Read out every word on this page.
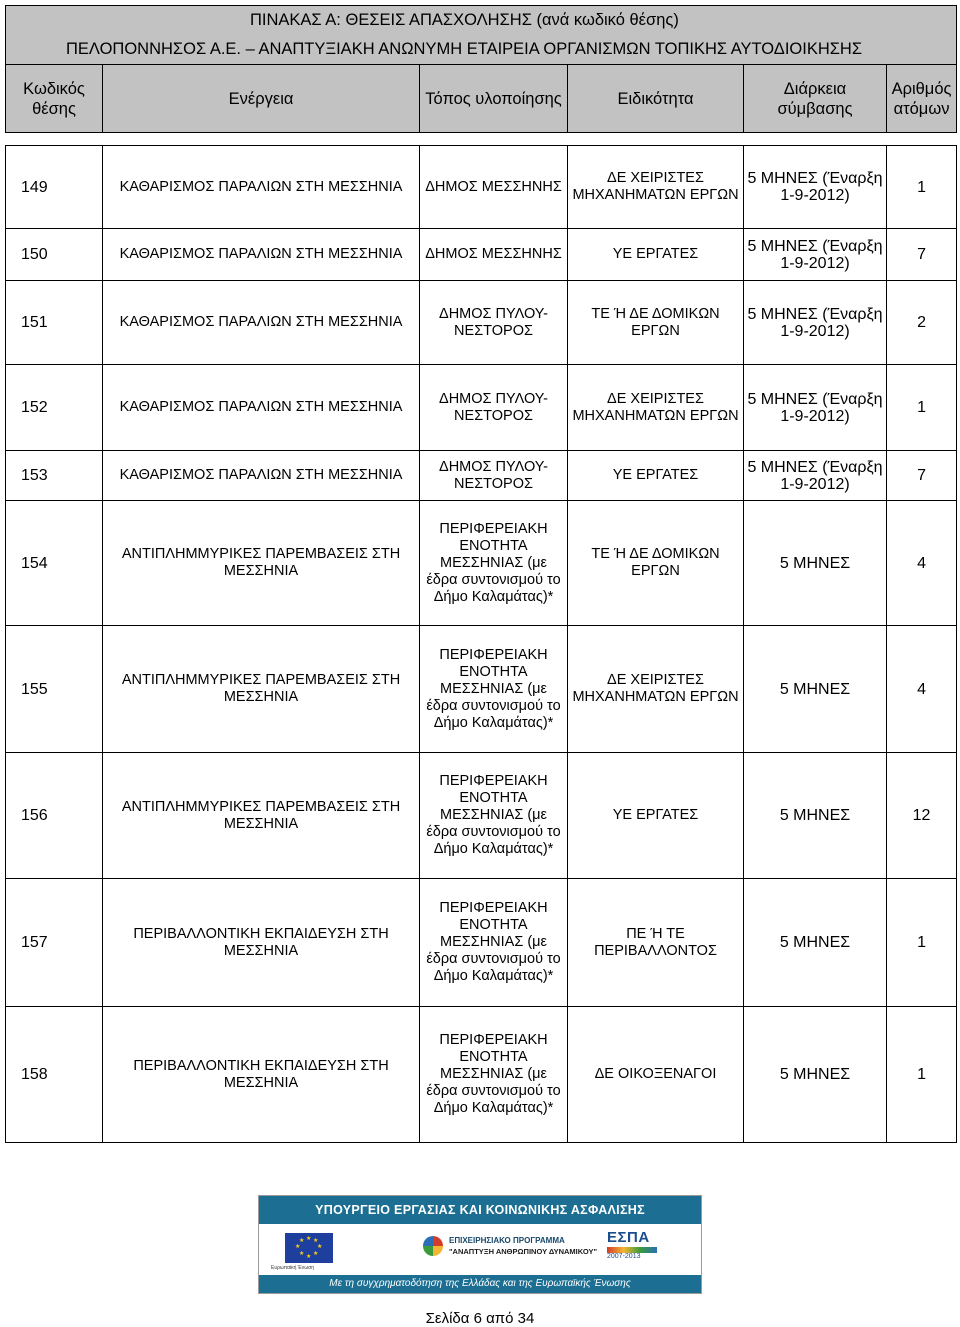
ΠΙΝΑΚΑΣ Α: ΘΕΣΕΙΣ ΑΠΑΣΧΟΛΗΣΗΣ (ανά κωδικό θέσης)					
ΠΕΛΟΠΟΝΝΗΣΟΣ Α.Ε. – ΑΝΑΠΤΥΞΙΑΚΗ ΑΝΩΝΥΜΗ ΕΤΑΙΡΕΙΑ ΟΡΓΑΝΙΣΜΩΝ ΤΟΠΙΚΗΣ ΑΥΤΟΔΙΟΙΚΗΣΗΣ					
Κωδικός θέσης	Ενέργεια	Τόπος υλοποίησης	Ειδικότητα	Διάρκεια σύμβασης	Αριθμός ατόμων

149	ΚΑΘΑΡΙΣΜΟΣ ΠΑΡΑΛΙΩΝ ΣΤΗ ΜΕΣΣΗΝΙΑ	ΔΗΜΟΣ ΜΕΣΣΗΝΗΣ	ΔΕ ΧΕΙΡΙΣΤΕΣ ΜΗΧΑΝΗΜΑΤΩΝ ΕΡΓΩΝ	5 ΜΗΝΕΣ (Έναρξη 1-9-2012)	1
150	ΚΑΘΑΡΙΣΜΟΣ ΠΑΡΑΛΙΩΝ ΣΤΗ ΜΕΣΣΗΝΙΑ	ΔΗΜΟΣ ΜΕΣΣΗΝΗΣ	ΥΕ ΕΡΓΑΤΕΣ	5 ΜΗΝΕΣ (Έναρξη 1-9-2012)	7
151	ΚΑΘΑΡΙΣΜΟΣ ΠΑΡΑΛΙΩΝ ΣΤΗ ΜΕΣΣΗΝΙΑ	ΔΗΜΟΣ ΠΥΛΟΥ-ΝΕΣΤΟΡΟΣ	ΤΕ Ή ΔΕ ΔΟΜΙΚΩΝ ΕΡΓΩΝ	5 ΜΗΝΕΣ (Έναρξη 1-9-2012)	2
152	ΚΑΘΑΡΙΣΜΟΣ ΠΑΡΑΛΙΩΝ ΣΤΗ ΜΕΣΣΗΝΙΑ	ΔΗΜΟΣ ΠΥΛΟΥ-ΝΕΣΤΟΡΟΣ	ΔΕ ΧΕΙΡΙΣΤΕΣ ΜΗΧΑΝΗΜΑΤΩΝ ΕΡΓΩΝ	5 ΜΗΝΕΣ (Έναρξη 1-9-2012)	1
153	ΚΑΘΑΡΙΣΜΟΣ ΠΑΡΑΛΙΩΝ ΣΤΗ ΜΕΣΣΗΝΙΑ	ΔΗΜΟΣ ΠΥΛΟΥ-ΝΕΣΤΟΡΟΣ	ΥΕ ΕΡΓΑΤΕΣ	5 ΜΗΝΕΣ (Έναρξη 1-9-2012)	7
154	ΑΝΤΙΠΛΗΜΜΥΡΙΚΕΣ ΠΑΡΕΜΒΑΣΕΙΣ ΣΤΗ ΜΕΣΣΗΝΙΑ	ΠΕΡΙΦΕΡΕΙΑΚΗ ΕΝΟΤΗΤΑ ΜΕΣΣΗΝΙΑΣ (με έδρα συντονισμού το Δήμο Καλαμάτας)*	ΤΕ Ή ΔΕ ΔΟΜΙΚΩΝ ΕΡΓΩΝ	5 ΜΗΝΕΣ	4
155	ΑΝΤΙΠΛΗΜΜΥΡΙΚΕΣ ΠΑΡΕΜΒΑΣΕΙΣ ΣΤΗ ΜΕΣΣΗΝΙΑ	ΠΕΡΙΦΕΡΕΙΑΚΗ ΕΝΟΤΗΤΑ ΜΕΣΣΗΝΙΑΣ (με έδρα συντονισμού το Δήμο Καλαμάτας)*	ΔΕ ΧΕΙΡΙΣΤΕΣ ΜΗΧΑΝΗΜΑΤΩΝ ΕΡΓΩΝ	5 ΜΗΝΕΣ	4
156	ΑΝΤΙΠΛΗΜΜΥΡΙΚΕΣ ΠΑΡΕΜΒΑΣΕΙΣ ΣΤΗ ΜΕΣΣΗΝΙΑ	ΠΕΡΙΦΕΡΕΙΑΚΗ ΕΝΟΤΗΤΑ ΜΕΣΣΗΝΙΑΣ (με έδρα συντονισμού το Δήμο Καλαμάτας)*	ΥΕ ΕΡΓΑΤΕΣ	5 ΜΗΝΕΣ	12
157	ΠΕΡΙΒΑΛΛΟΝΤΙΚΗ ΕΚΠΑΙΔΕΥΣΗ ΣΤΗ ΜΕΣΣΗΝΙΑ	ΠΕΡΙΦΕΡΕΙΑΚΗ ΕΝΟΤΗΤΑ ΜΕΣΣΗΝΙΑΣ (με έδρα συντονισμού το Δήμο Καλαμάτας)*	ΠΕ Ή ΤΕ ΠΕΡΙΒΑΛΛΟΝΤΟΣ	5 ΜΗΝΕΣ	1
158	ΠΕΡΙΒΑΛΛΟΝΤΙΚΗ ΕΚΠΑΙΔΕΥΣΗ ΣΤΗ ΜΕΣΣΗΝΙΑ	ΠΕΡΙΦΕΡΕΙΑΚΗ ΕΝΟΤΗΤΑ ΜΕΣΣΗΝΙΑΣ (με έδρα συντονισμού το Δήμο Καλαμάτας)*	ΔΕ ΟΙΚΟΞΕΝΑΓΟΙ	5 ΜΗΝΕΣ	1
ΥΠΟΥΡΓΕΙΟ ΕΡΓΑΣΙΑΣ ΚΑΙ ΚΟΙΝΩΝΙΚΗΣ ΑΣΦΑΛΙΣΗΣ
★ ★
★
★
★
★
★
★
Ευρωπαϊκή Ένωση
ΕΠΙΧΕΙΡΗΣΙΑΚΟ ΠΡΟΓΡΑΜΜΑ
"ΑΝΑΠΤΥΞΗ ΑΝΘΡΩΠΙΝΟΥ ΔΥΝΑΜΙΚΟΥ"
ΕΣΠΑ
2007-2013
Με τη συγχρηματοδότηση της Ελλάδας και της Ευρωπαϊκής Ένωσης
Σελίδα 6 από 34
